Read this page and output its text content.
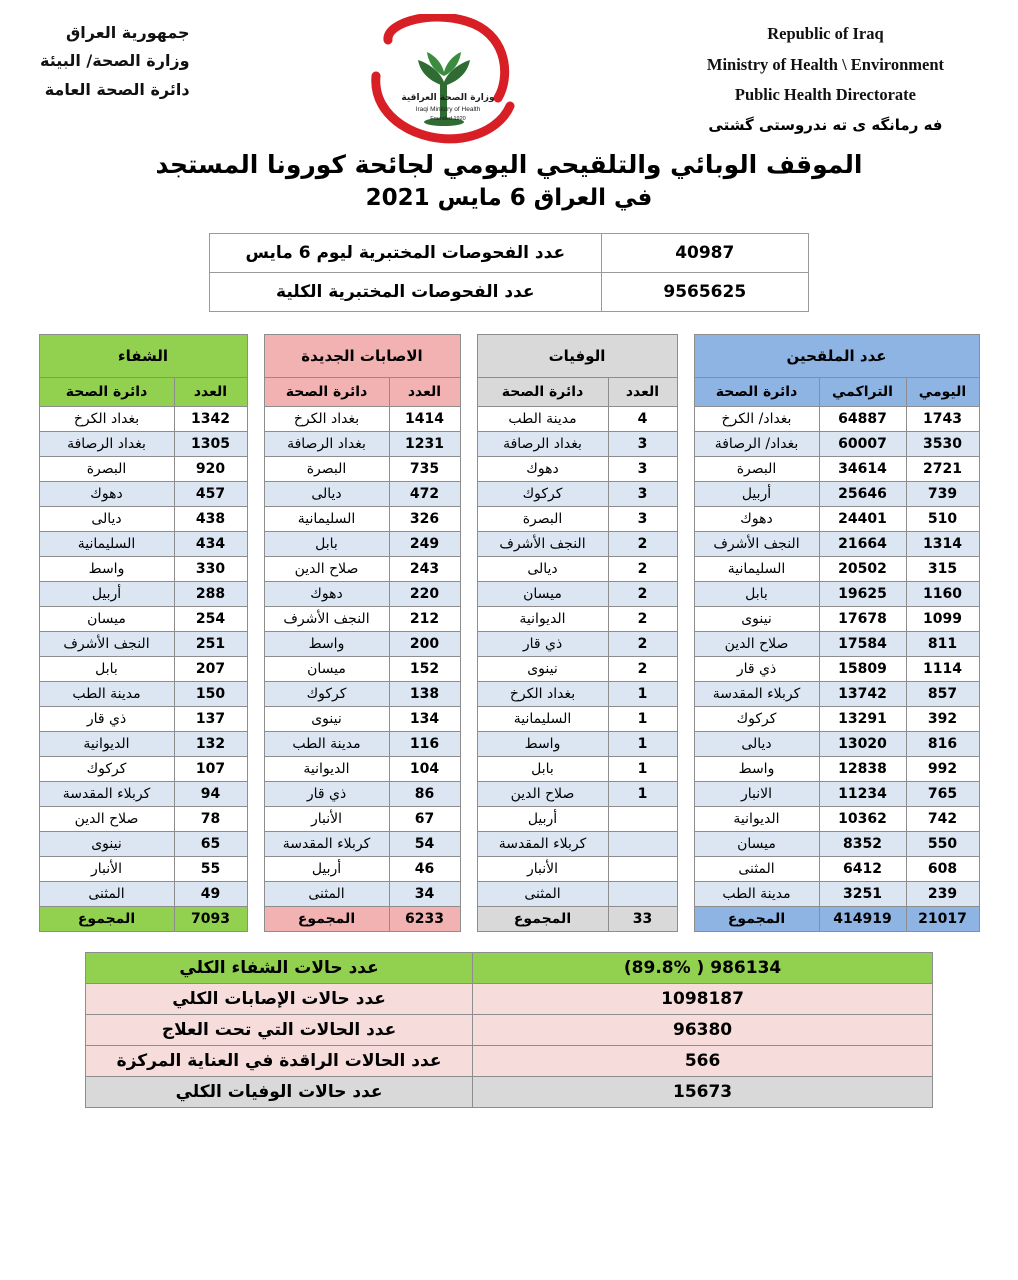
جمهورية العراق
وزارة الصحة/ البيئة
دائرة الصحة العامة	وزارة الصحة العراقية
Iraqi Ministry of Health
Founded 1920
Republic of Iraq
Ministry of Health \ Environment
Public Health Directorate
فه رمانگه ى ته ندروستى گشتى
الموقف الوبائي والتلقيحي اليومي لجائحة كورونا المستجد
في العراق 6 مايس 2021
40987	عدد الفحوصات المختبرية ليوم 6 مايس
9565625	عدد الفحوصات المختبرية الكلية
عدد الملقحين		
اليومي	التراكمي	دائرة الصحة
1743	64887	بغداد/ الكرخ
3530	60007	بغداد/ الرصافة
2721	34614	البصرة
739	25646	أربيل
510	24401	دهوك
1314	21664	النجف الأشرف
315	20502	السليمانية
1160	19625	بابل
1099	17678	نينوى
811	17584	صلاح الدين
1114	15809	ذي قار
857	13742	كربلاء المقدسة
392	13291	كركوك
816	13020	ديالى
992	12838	واسط
765	11234	الانبار
742	10362	الديوانية
550	8352	ميسان
608	6412	المثنى
239	3251	مدينة الطب
21017	414919	المجموع
الوفيات	
العدد	دائرة الصحة
4	مدينة الطب
3	بغداد الرصافة
3	دهوك
3	كركوك
3	البصرة
2	النجف الأشرف
2	ديالى
2	ميسان
2	الديوانية
2	ذي قار
2	نينوى
1	بغداد الكرخ
1	السليمانية
1	واسط
1	بابل
1	صلاح الدين
	أربيل
	كربلاء المقدسة
	الأنبار
	المثنى
33	المجموع
الاصابات الجديدة	
العدد	دائرة الصحة
1414	بغداد الكرخ
1231	بغداد الرصافة
735	البصرة
472	ديالى
326	السليمانية
249	بابل
243	صلاح الدين
220	دهوك
212	النجف الأشرف
200	واسط
152	ميسان
138	كركوك
134	نينوى
116	مدينة الطب
104	الديوانية
86	ذي قار
67	الأنبار
54	كربلاء المقدسة
46	أربيل
34	المثنى
6233	المجموع
الشفاء	
العدد	دائرة الصحة
1342	بغداد الكرخ
1305	بغداد الرصافة
920	البصرة
457	دهوك
438	ديالى
434	السليمانية
330	واسط
288	أربيل
254	ميسان
251	النجف الأشرف
207	بابل
150	مدينة الطب
137	ذي قار
132	الديوانية
107	كركوك
94	كربلاء المقدسة
78	صلاح الدين
65	نينوى
55	الأنبار
49	المثنى
7093	المجموع
986134 ( 89.8%)	عدد حالات الشفاء الكلي
1098187	عدد حالات الإصابات الكلي
96380	عدد الحالات التي تحت العلاج
566	عدد الحالات الراقدة في العناية المركزة
15673	عدد حالات الوفيات الكلي
